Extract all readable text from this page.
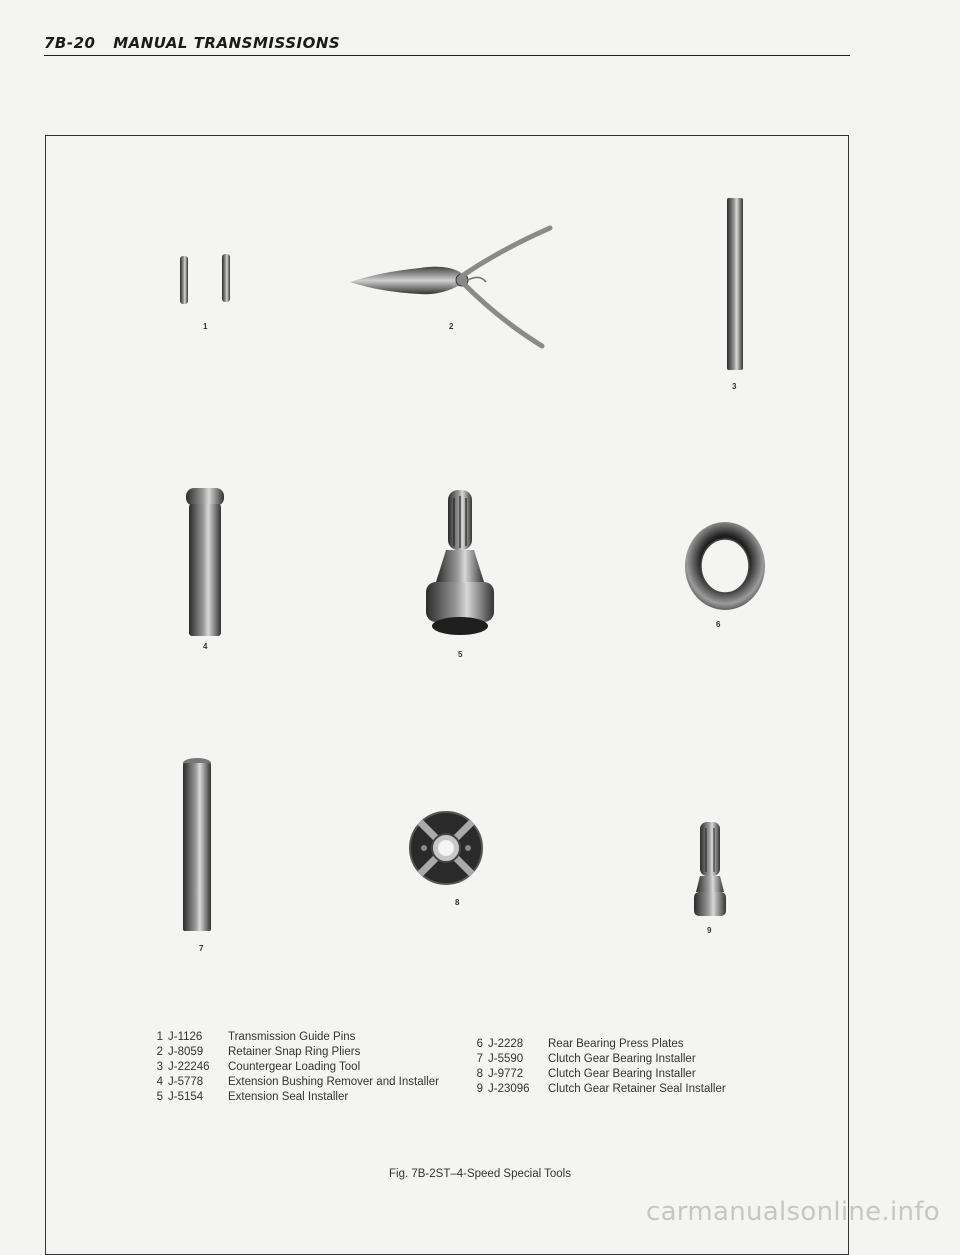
7B-20 MANUAL TRANSMISSIONS
1	2
3
4
5
6
7
8
9
1 J-1126 Transmission Guide Pins
2 J-8059 Retainer Snap Ring Pliers
3 J-22246 Countergear Loading Tool
4 J-5778 Extension Bushing Remover and Installer
5 J-5154 Extension Seal Installer
6 J-2228 Rear Bearing Press Plates
7 J-5590 Clutch Gear Bearing Installer
8 J-9772 Clutch Gear Bearing Installer
9 J-23096 Clutch Gear Retainer Seal Installer
Fig. 7B-2ST–4-Speed Special Tools
carmanualsonline.info
